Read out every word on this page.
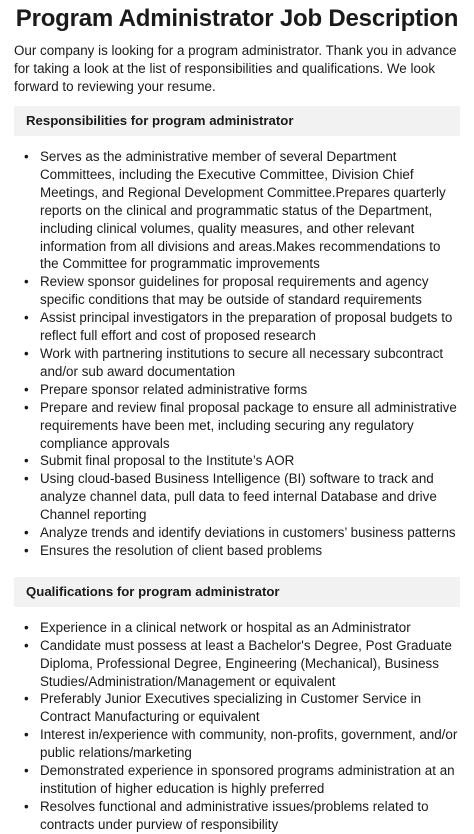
Program Administrator Job Description

Our company is looking for a program administrator. Thank you in advance for taking a look at the list of responsibilities and qualifications. We look forward to reviewing your resume.

Responsibilities for program administrator
• Serves as the administrative member of several Department Committees, including the Executive Committee, Division Chief Meetings, and Regional Development Committee.Prepares quarterly reports on the clinical and programmatic status of the Department, including clinical volumes, quality measures, and other relevant information from all divisions and areas.Makes recommendations to the Committee for programmatic improvements
• Review sponsor guidelines for proposal requirements and agency specific conditions that may be outside of standard requirements
• Assist principal investigators in the preparation of proposal budgets to reflect full effort and cost of proposed research
• Work with partnering institutions to secure all necessary subcontract and/or sub award documentation
• Prepare sponsor related administrative forms
• Prepare and review final proposal package to ensure all administrative requirements have been met, including securing any regulatory compliance approvals
• Submit final proposal to the Institute’s AOR
• Using cloud-based Business Intelligence (BI) software to track and analyze channel data, pull data to feed internal Database and drive Channel reporting
• Analyze trends and identify deviations in customers’ business patterns
• Ensures the resolution of client based problems
Qualifications for program administrator
• Experience in a clinical network or hospital as an Administrator
• Candidate must possess at least a Bachelor's Degree, Post Graduate Diploma, Professional Degree, Engineering (Mechanical), Business Studies/Administration/Management or equivalent
• Preferably Junior Executives specializing in Customer Service in Contract Manufacturing or equivalent
• Interest in/experience with community, non-profits, government, and/or public relations/marketing
• Demonstrated experience in sponsored programs administration at an institution of higher education is highly preferred
• Resolves functional and administrative issues/problems related to contracts under purview of responsibility
